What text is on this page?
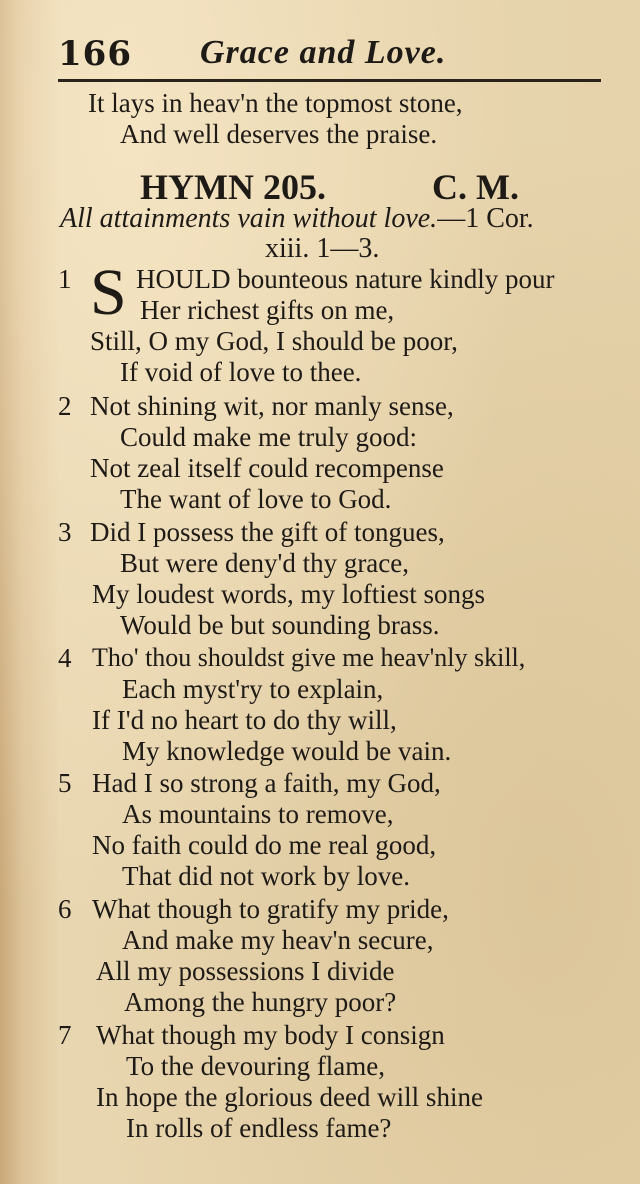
166 Grace and Love.
It lays in heav'n the topmost stone,
And well deserves the praise.
HYMN 205.	C. M.
All attainments vain without love.—1 Cor.
xiii. 1—3.
1 S HOULD bounteous nature kindly pour
Her richest gifts on me,
Still, O my God, I should be poor,
If void of love to thee.
2 Not shining wit, nor manly sense,
Could make me truly good:
Not zeal itself could recompense
The want of love to God.
3 Did I possess the gift of tongues,
But were deny'd thy grace,
My loudest words, my loftiest songs
Would be but sounding brass.
4 Tho' thou shouldst give me heav'nly skill,
Each myst'ry to explain,
If I'd no heart to do thy will,
My knowledge would be vain.
5 Had I so strong a faith, my God,
As mountains to remove,
No faith could do me real good,
That did not work by love.
6 What though to gratify my pride,
And make my heav'n secure,
All my possessions I divide
Among the hungry poor?
7 What though my body I consign
To the devouring flame,
In hope the glorious deed will shine
In rolls of endless fame?
